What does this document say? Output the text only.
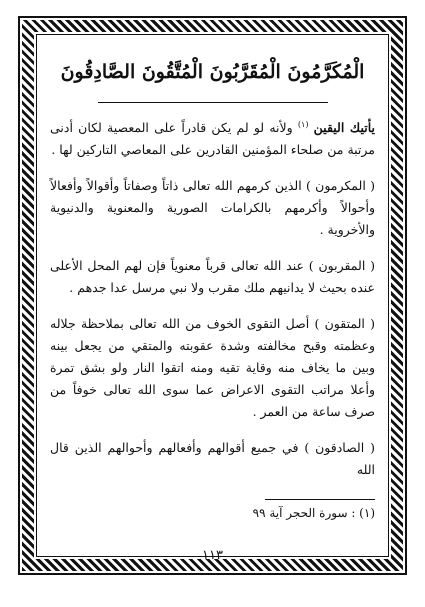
الْمُكَرَّمُونَ الْمُقَرَّبُونَ الْمُتَّقُونَ الصَّادِقُونَ

يأتيك اليقين $^{(١)}$ ولأنه لو لم يكن قادراً على المعصية لكان أدنى مرتبة من صلحاء المؤمنين القادرين على المعاصي التاركين لها .

( المكرمون ) الذين كرمهم الله تعالى ذاتاً وصفاتاً وأقوالاً وأفعالاً وأحوالاً وأكرمهم بالكرامات الصورية والمعنوية والدنيوية والأخروية .

( المقربون ) عند الله تعالى قرباً معنوياً فإن لهم المحل الأعلى عنده بحيث لا يدانيهم ملك مقرب ولا نبي مرسل عدا جدهم .

( المتقون ) أصل التقوى الخوف من الله تعالى بملاحظة جلاله وعظمته وقبح مخالفته وشدة عقوبته والمتقي من يجعل بينه وبين ما يخاف منه وقاية تقيه ومنه اتقوا النار ولو بشق تمرة وأعلا مراتب التقوى الاعراض عما سوى الله تعالى خوفاً من صرف ساعة من العمر .

( الصادقون ) في جميع أقوالهم وأفعالهم وأحوالهم الذين قال الله

(١) : سورة الحجر آية ٩٩
١١٣
